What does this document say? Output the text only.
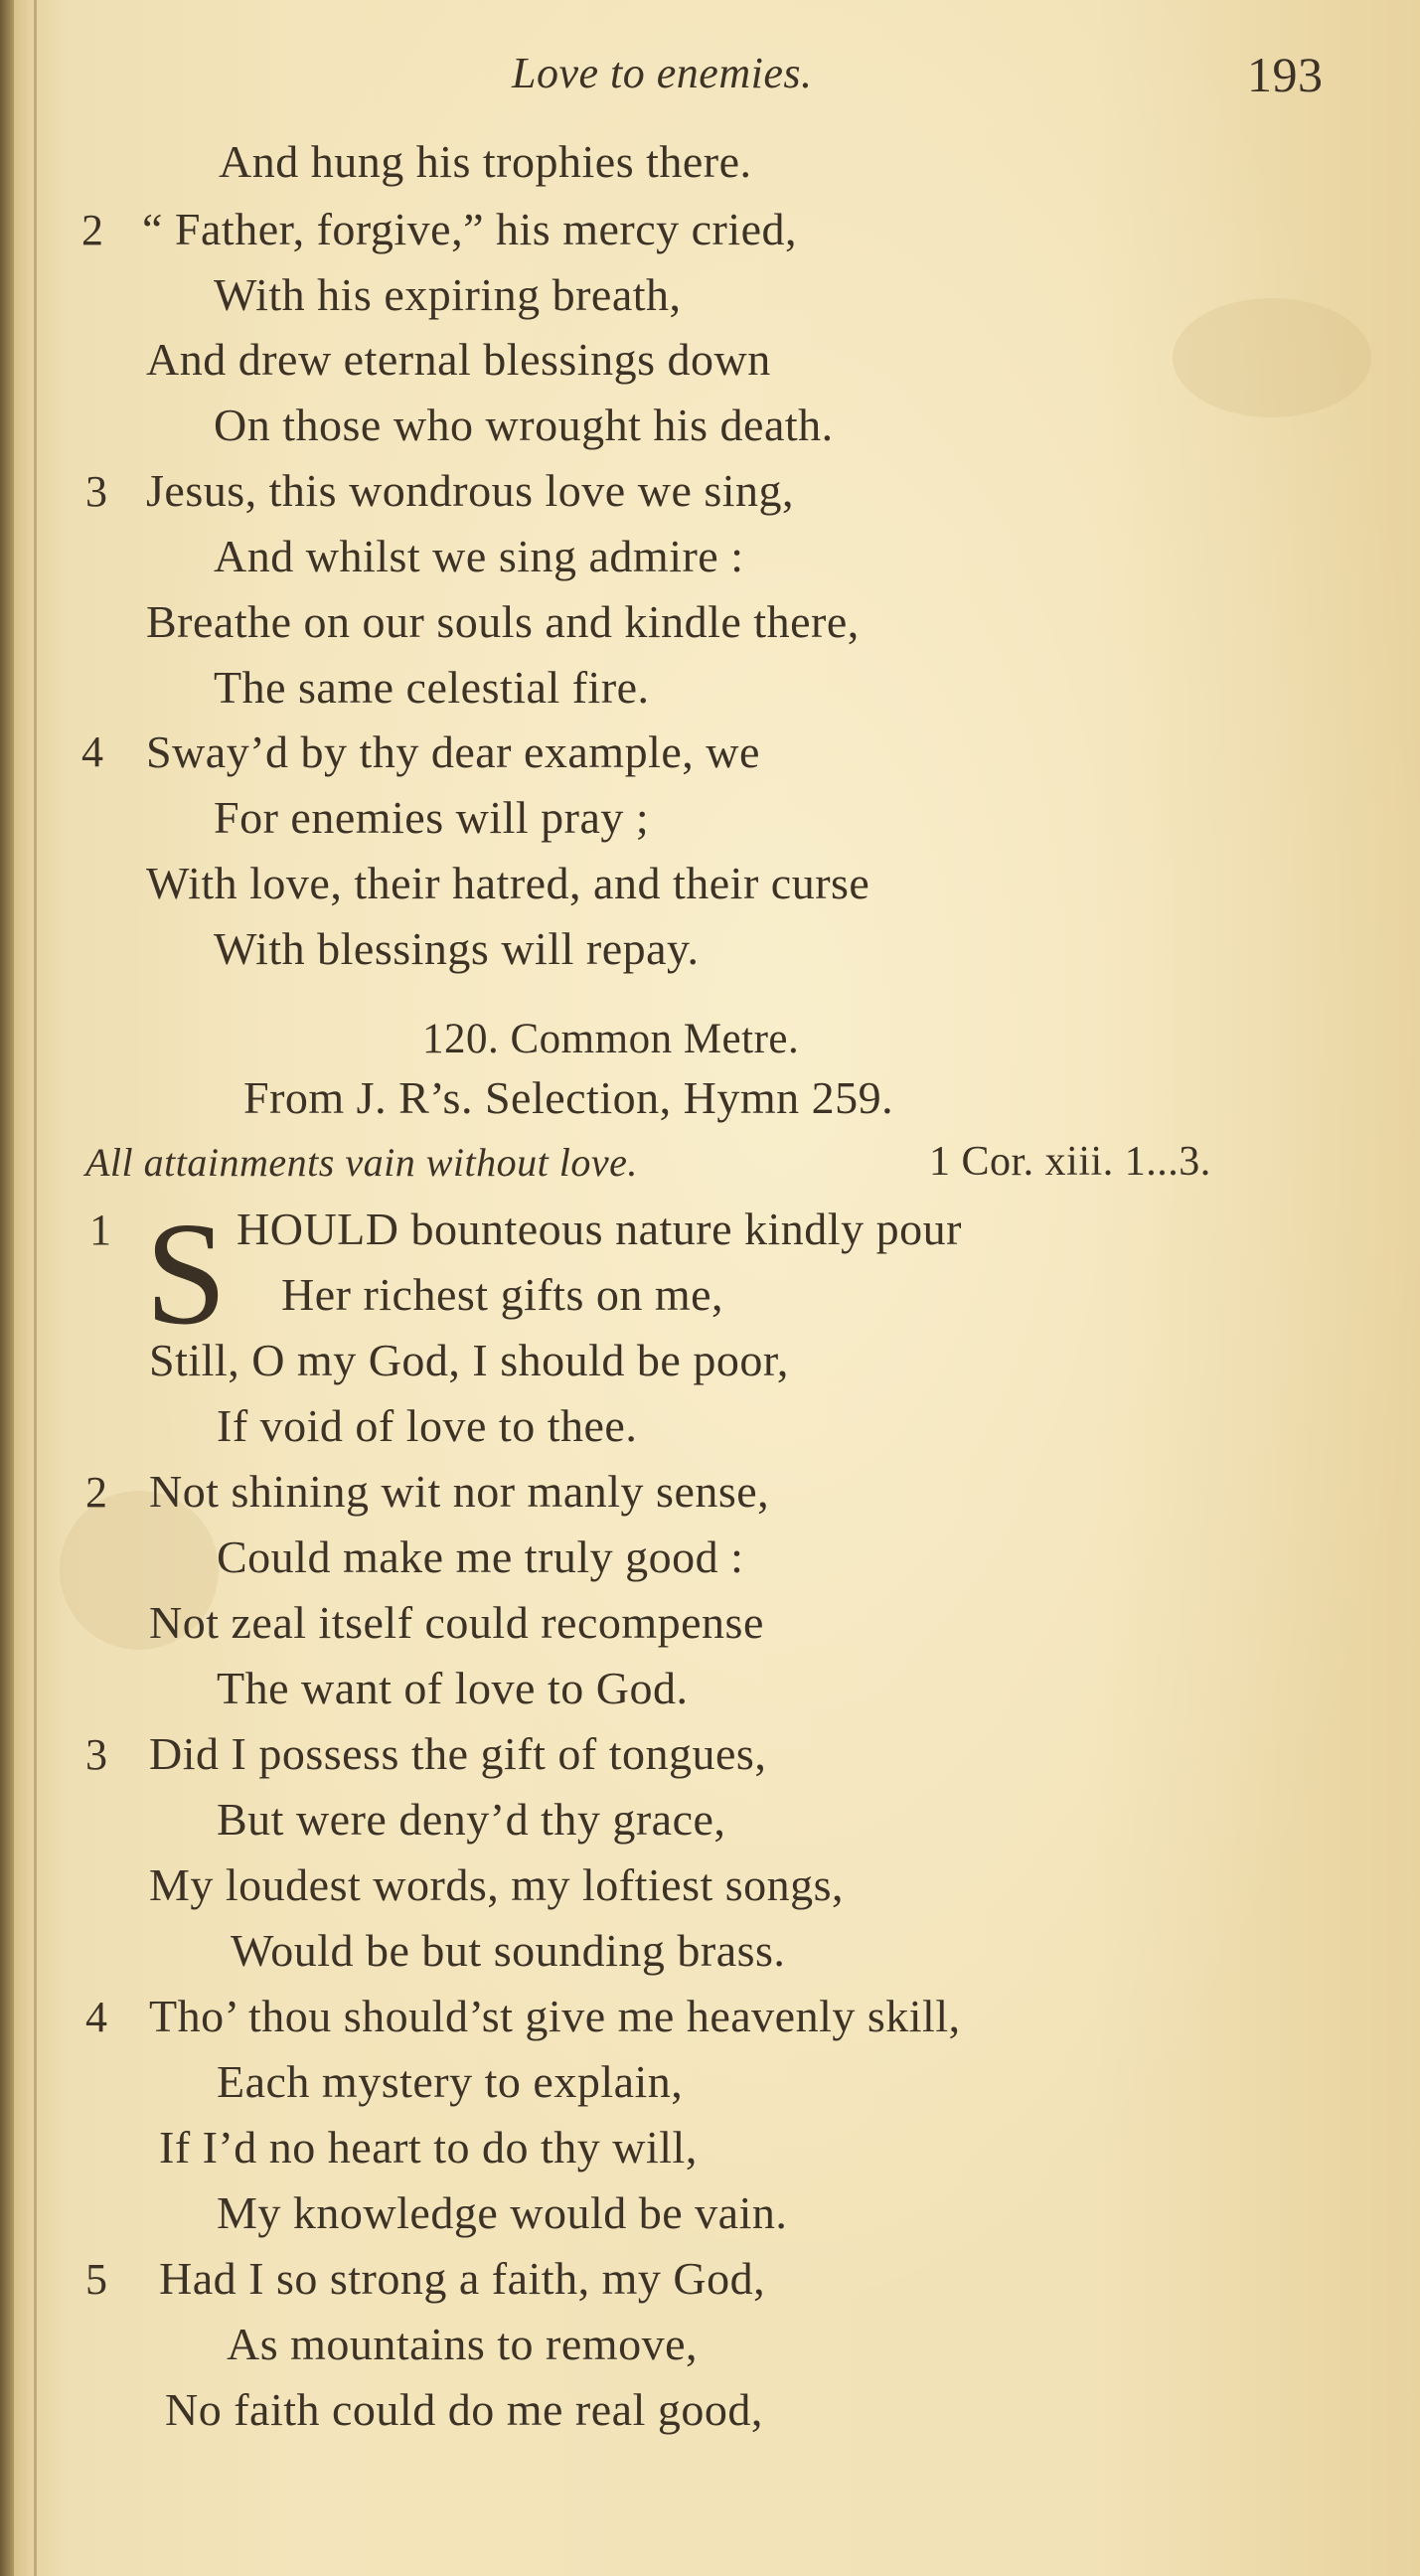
Love to enemies.	193
And hung his trophies there.
2 “ Father, forgive,” his mercy cried,
With his expiring breath,
And drew eternal blessings down
On those who wrought his death.
3 Jesus, this wondrous love we sing,
And whilst we sing admire :
Breathe on our souls and kindle there,
The same celestial fire.
4 Sway’d by thy dear example, we
For enemies will pray ;
With love, their hatred, and their curse
With blessings will repay.
120. Common Metre.
From J. R’s. Selection, Hymn 259.
All attainments vain without love.	1 Cor. xiii. 1...3.
1 S HOULD bounteous nature kindly pour
Her richest gifts on me,
Still, O my God, I should be poor,
If void of love to thee.
2 Not shining wit nor manly sense,
Could make me truly good :
Not zeal itself could recompense
The want of love to God.
3 Did I possess the gift of tongues,
But were deny’d thy grace,
My loudest words, my loftiest songs,
Would be but sounding brass.
4 Tho’ thou should’st give me heavenly skill,
Each mystery to explain,
If I’d no heart to do thy will,
My knowledge would be vain.
5 Had I so strong a faith, my God,
As mountains to remove,
No faith could do me real good,
